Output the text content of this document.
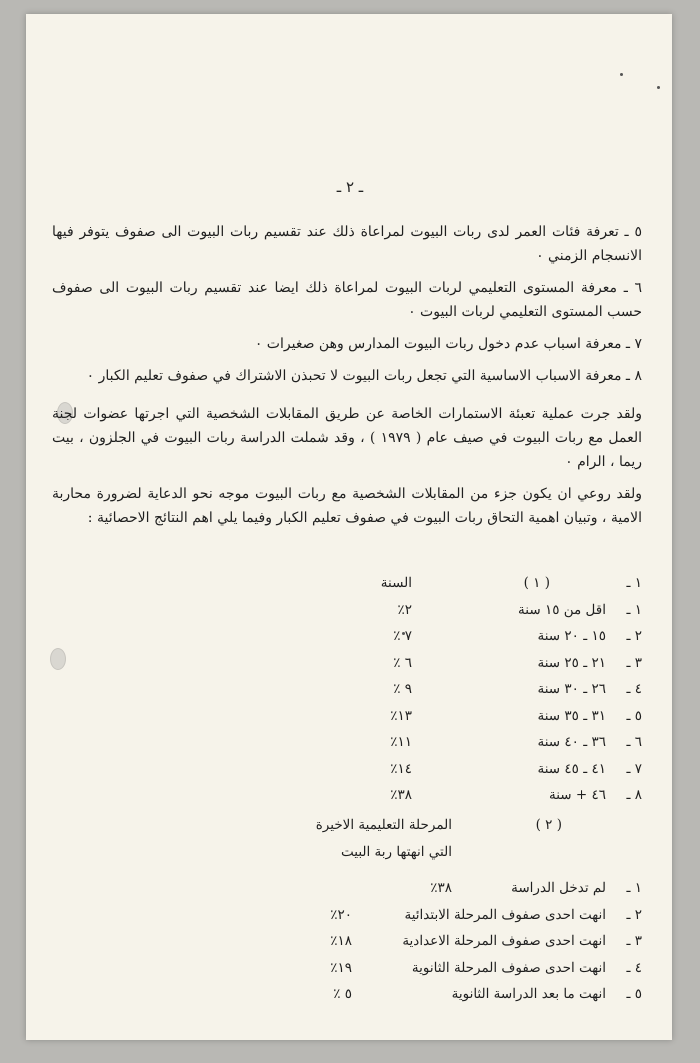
ـ ٢ ـ

٥ ـ تعرفة فئات العمر لدى ربات البيوت لمراعاة ذلك عند تقسيم ربات البيوت الى صفوف يتوفر فيها الانسجام الزمني ٠

٦ ـ معرفة المستوى التعليمي لربات البيوت لمراعاة ذلك ايضا عند تقسيم ربات البيوت الى صفوف حسب المستوى التعليمي لربات البيوت ٠

٧ ـ معرفة اسباب عدم دخول ربات البيوت المدارس وهن صغيرات ٠

٨ ـ معرفة الاسباب الاساسية التي تجعل ربات البيوت لا تحبذن الاشتراك في صفوف تعليم الكبار ٠

ولقد جرت عملية تعبئة الاستمارات الخاصة عن طريق المقابلات الشخصية التي اجرتها عضوات لجنة العمل مع ربات البيوت في صيف عام ( ١٩٧٩ ) ، وقد شملت الدراسة ربات البيوت في الجلزون ، بيت ريما ، الرام ٠

ولقد روعي ان يكون جزء من المقابلات الشخصية مع ربات البيوت موجه نحو الدعاية لضرورة محاربة الامية ، وتبيان اهمية التحاق ربات البيوت في صفوف تعليم الكبار وفيما يلي اهم النتائج الاحصائية :

١ ـ
( ١ )
السنة
١ ـ
اقل من ١٥ سنة
٢٪
٢ ـ
١٥ ـ ٢٠ سنة
٧ ٪
٣ ـ
٢١ ـ ٢٥ سنة
٦ ٪
٤ ـ
٢٦ ـ ٣٠ سنة
٩ ٪
٥ ـ
٣١ ـ ٣٥ سنة
١٣٪
٦ ـ
٣٦ ـ ٤٠ سنة
١١٪
٧ ـ
٤١ ـ ٤٥ سنة
١٤٪
٨ ـ
٤٦ + سنة
٣٨٪
( ٢ )
المرحلة التعليمية الاخيرة
التي انهتها ربة البيت
١ ـ
لم تدخل الدراسة
٣٨٪
٢ ـ
انهت احدى صفوف المرحلة الابتدائية
٢٠٪
٣ ـ
انهت احدى صفوف المرحلة الاعدادية
١٨٪
٤ ـ
انهت احدى صفوف المرحلة الثانوية
١٩٪
٥ ـ
انهت ما بعد الدراسة الثانوية
٥ ٪
